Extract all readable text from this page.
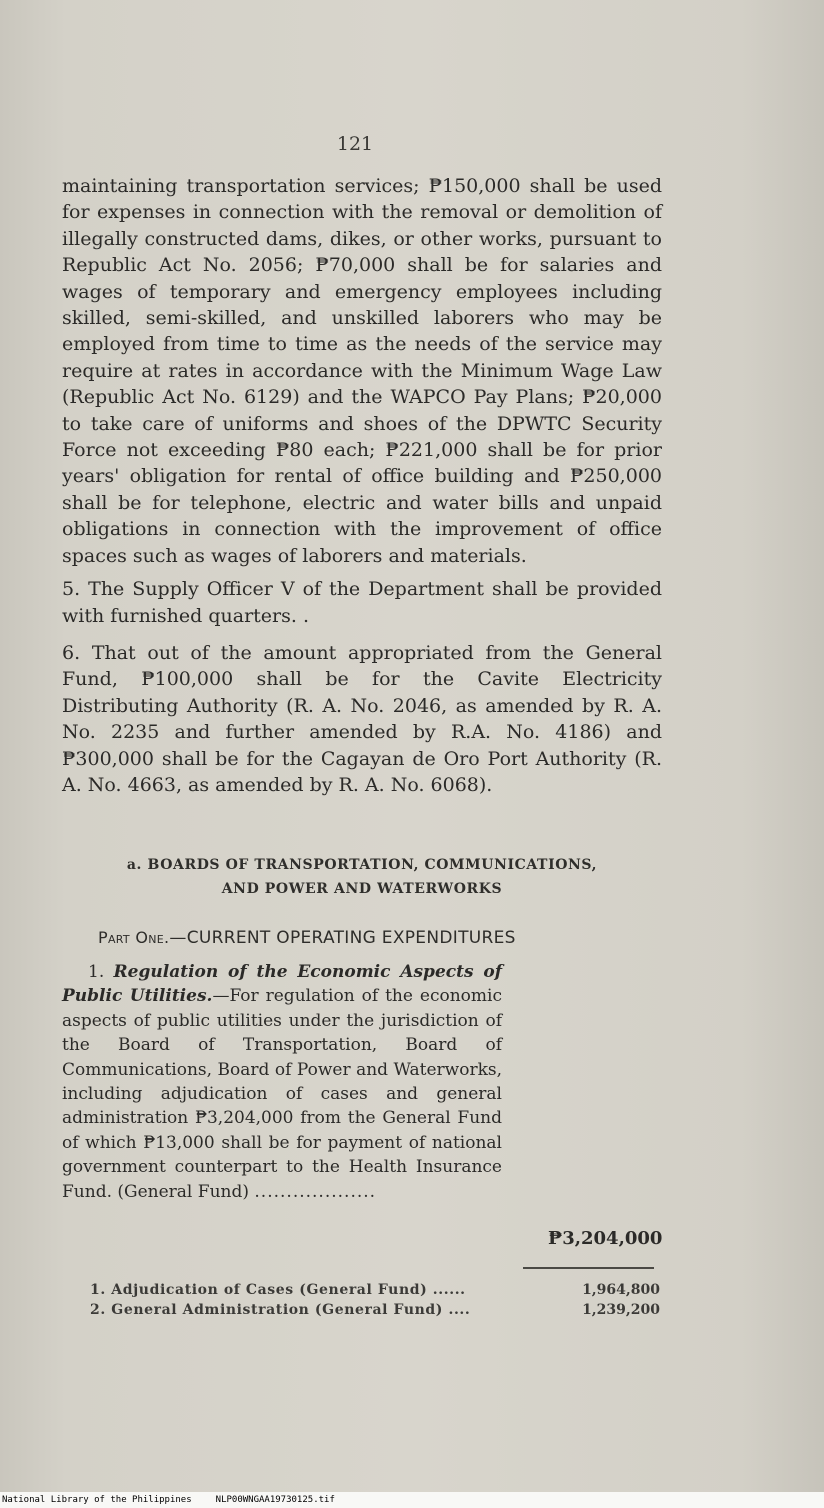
121

maintaining transportation services; ₱150,000 shall be used for expenses in connection with the removal or demolition of illegally constructed dams, dikes, or other works, pursuant to Republic Act No. 2056; ₱70,000 shall be for salaries and wages of temporary and emergency employees including skilled, semi-skilled, and unskilled laborers who may be employed from time to time as the needs of the service may require at rates in accordance with the Minimum Wage Law (Republic Act No. 6129) and the WAPCO Pay Plans; ₱20,000 to take care of uniforms and shoes of the DPWTC Security Force not exceeding ₱80 each; ₱221,000 shall be for prior years' obligation for rental of office building and ₱250,000 shall be for telephone, electric and water bills and unpaid obligations in connection with the improvement of office spaces such as wages of laborers and materials.

5. The Supply Officer V of the Department shall be provided with furnished quarters. .

6. That out of the amount appropriated from the General Fund, ₱100,000 shall be for the Cavite Electricity Distributing Authority (R. A. No. 2046, as amended by R. A. No. 2235 and further amended by R.A. No. 4186) and ₱300,000 shall be for the Cagayan de Oro Port Authority (R. A. No. 4663, as amended by R. A. No. 6068).

a. BOARDS OF TRANSPORTATION, COMMUNICATIONS,
AND POWER AND WATERWORKS
Part One.—CURRENT OPERATING EXPENDITURES

1. Regulation of the Economic Aspects of Public Utilities.—For regulation of the economic aspects of public utilities under the jurisdiction of the Board of Transportation, Board of Communications, Board of Power and Waterworks, including adjudication of cases and general administration ₱3,204,000 from the General Fund of which ₱13,000 shall be for payment of national government counterpart to the Health Insurance Fund. (General Fund) ...................

₱3,204,000
1. Adjudication of Cases (General Fund) ......	1,964,800
2. General Administration (General Fund) ....	1,239,200
National Library of the Philippines	NLP00WNGAA19730125.tif
